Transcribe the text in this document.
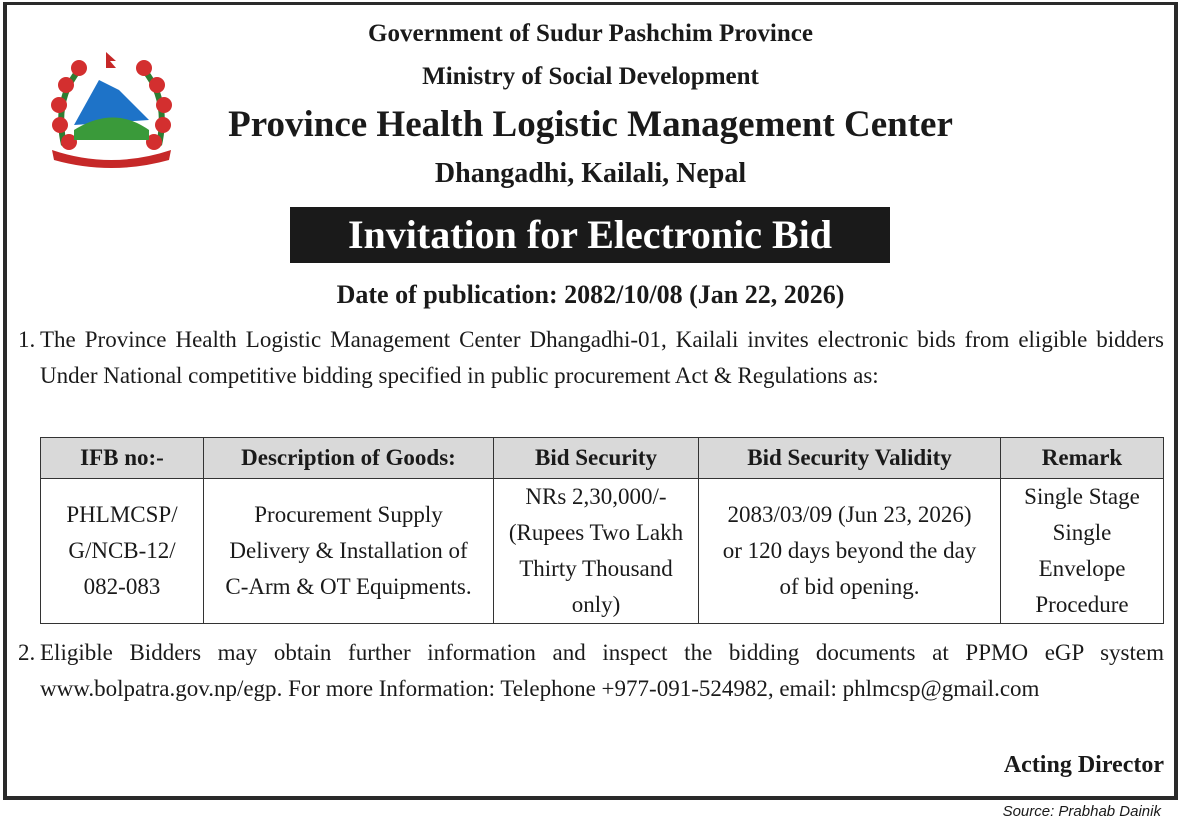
Government of Sudur Pashchim Province
Ministry of Social Development
Province Health Logistic Management Center
Dhangadhi, Kailali, Nepal
Invitation for Electronic Bid
Date of publication: 2082/10/08 (Jan 22, 2026)
1. The Province Health Logistic Management Center Dhangadhi-01, Kailali invites electronic bids from eligible bidders Under National competitive bidding specified in public procurement Act & Regulations as:
IFB no:-	Description of Goods:	Bid Security	Bid Security Validity	Remark
PHLMCSP/ G/NCB-12/ 082-083	Procurement Supply Delivery & Installation of C-Arm & OT Equipments.	NRs 2,30,000/- (Rupees Two Lakh Thirty Thousand only)	2083/03/09 (Jun 23, 2026) or 120 days beyond the day of bid opening.	Single Stage Single Envelope Procedure
2. Eligible Bidders may obtain further information and inspect the bidding documents at PPMO eGP system www.bolpatra.gov.np/egp. For more Information: Telephone +977-091-524982, email: phlmcsp@gmail.com
Acting Director
Source: Prabhab Dainik
